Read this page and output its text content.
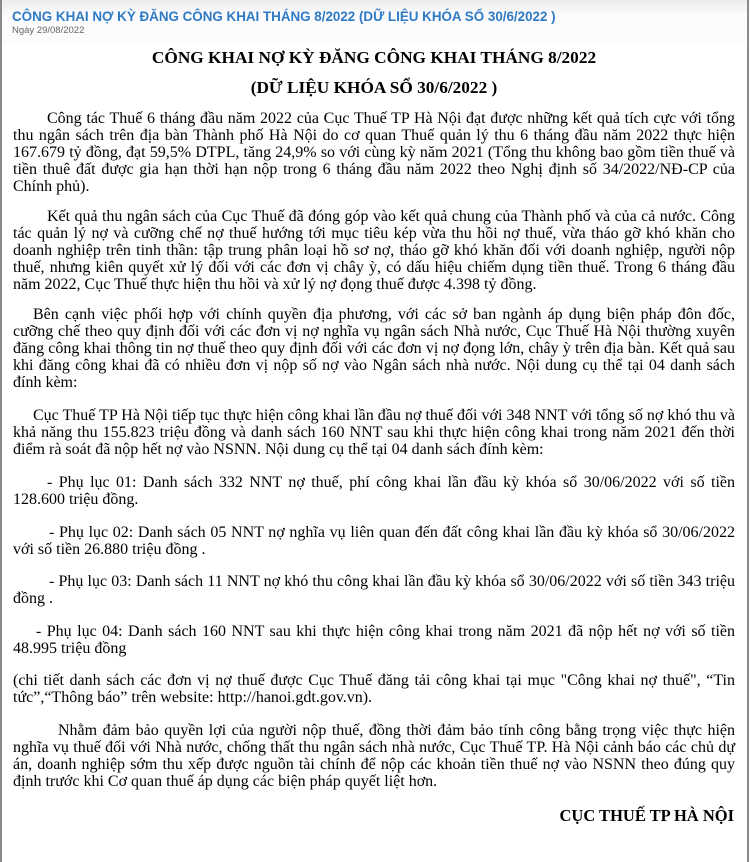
CÔNG KHAI NỢ KỲ ĐĂNG CÔNG KHAI THÁNG 8/2022 (DỮ LIỆU KHÓA SỔ 30/6/2022 )
Ngày 29/08/2022
CÔNG KHAI NỢ KỲ ĐĂNG CÔNG KHAI THÁNG 8/2022
(DỮ LIỆU KHÓA SỔ 30/6/2022 )

Công tác Thuế 6 tháng đầu năm 2022 của Cục Thuế TP Hà Nội đạt được những kết quả tích cực với tổng thu ngân sách trên địa bàn Thành phố Hà Nội do cơ quan Thuế quản lý thu 6 tháng đầu năm 2022 thực hiện 167.679 tỷ đồng, đạt 59,5% DTPL, tăng 24,9% so với cùng kỳ năm 2021 (Tổng thu không bao gồm tiền thuế và tiền thuê đất được gia hạn thời hạn nộp trong 6 tháng đầu năm 2022 theo Nghị định số 34/2022/NĐ-CP của Chính phủ).

Kết quả thu ngân sách của Cục Thuế đã đóng góp vào kết quả chung của Thành phố và của cả nước. Công tác quản lý nợ và cưỡng chế nợ thuế hướng tới mục tiêu kép vừa thu hồi nợ thuế, vừa tháo gỡ khó khăn cho doanh nghiệp trên tinh thần: tập trung phân loại hồ sơ nợ, tháo gỡ khó khăn đối với doanh nghiệp, người nộp thuế, nhưng kiên quyết xử lý đối với các đơn vị chây ỳ, có dấu hiệu chiếm dụng tiền thuế. Trong 6 tháng đầu năm 2022, Cục Thuế thực hiện thu hồi và xử lý nợ đọng thuế được 4.398 tỷ đồng.

Bên cạnh việc phối hợp với chính quyền địa phương, với các sở ban ngành áp dụng biện pháp đôn đốc, cưỡng chế theo quy định đối với các đơn vị nợ nghĩa vụ ngân sách Nhà nước, Cục Thuế Hà Nội thường xuyên đăng công khai thông tin nợ thuế theo quy định đối với các đơn vị nợ đọng lớn, chây ỳ trên địa bàn. Kết quả sau khi đăng công khai đã có nhiều đơn vị nộp số nợ vào Ngân sách nhà nước. Nội dung cụ thể tại 04 danh sách đính kèm:

Cục Thuế TP Hà Nội tiếp tục thực hiện công khai lần đầu nợ thuế đối với 348 NNT với tổng số nợ khó thu và khả năng thu 155.823 triệu đồng và danh sách 160 NNT sau khi thực hiện công khai trong năm 2021 đến thời điểm rà soát đã nộp hết nợ vào NSNN. Nội dung cụ thể tại 04 danh sách đính kèm:

- Phụ lục 01: Danh sách 332 NNT nợ thuế, phí công khai lần đầu kỳ khóa sổ 30/06/2022 với số tiền 128.600 triệu đồng.

- Phụ lục 02: Danh sách 05 NNT nợ nghĩa vụ liên quan đến đất công khai lần đầu kỳ khóa sổ 30/06/2022 với số tiền 26.880 triệu đồng .

- Phụ lục 03: Danh sách 11 NNT nợ khó thu công khai lần đầu kỳ khóa sổ 30/06/2022 với số tiền 343 triệu đồng .

- Phụ lục 04: Danh sách 160 NNT sau khi thực hiện công khai trong năm 2021 đã nộp hết nợ với số tiền 48.995 triệu đồng

(chi tiết danh sách các đơn vị nợ thuế được Cục Thuế đăng tải công khai tại mục "Công khai nợ thuế", “Tin tức”,“Thông báo” trên website: http://hanoi.gdt.gov.vn).

Nhằm đảm bảo quyền lợi của người nộp thuế, đồng thời đảm bảo tính công bằng trọng việc thực hiện nghĩa vụ thuế đối với Nhà nước, chống thất thu ngân sách nhà nước, Cục Thuế TP. Hà Nội cảnh báo các chủ dự án, doanh nghiệp sớm thu xếp được nguồn tài chính để nộp các khoản tiền thuế nợ vào NSNN theo đúng quy định trước khi Cơ quan thuế áp dụng các biện pháp quyết liệt hơn.

CỤC THUẾ TP HÀ NỘI
